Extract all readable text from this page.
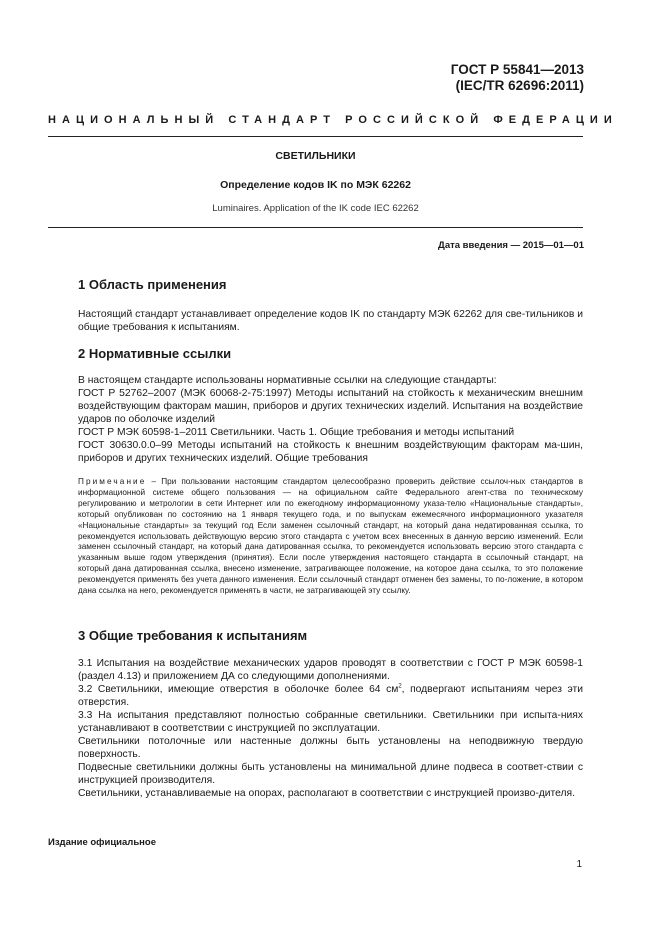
ГОСТ Р 55841—2013
(IEC/TR 62696:2011)
НАЦИОНАЛЬНЫЙ СТАНДАРТ РОССИЙСКОЙ ФЕДЕРАЦИИ
СВЕТИЛЬНИКИ
Определение кодов IK по МЭК 62262
Luminaires. Application of the IK code IEC 62262
Дата введения — 2015—01—01
1 Область применения
Настоящий стандарт устанавливает определение кодов IK по стандарту МЭК 62262 для све-тильников и общие требования к испытаниям.
2 Нормативные ссылки
В настоящем стандарте использованы нормативные ссылки на следующие стандарты:
ГОСТ Р 52762–2007 (МЭК 60068-2-75:1997) Методы испытаний на стойкость к механическим внешним воздействующим факторам машин, приборов и других технических изделий. Испытания на воздействие ударов по оболочке изделий
ГОСТ Р МЭК 60598-1–2011 Светильники. Часть 1. Общие требования и методы испытаний
ГОСТ 30630.0.0–99 Методы испытаний на стойкость к внешним воздействующим факторам ма-шин, приборов и других технических изделий. Общие требования
Примечание – При пользовании настоящим стандартом целесообразно проверить действие ссылоч-ных стандартов в информационной системе общего пользования — на официальном сайте Федерального агент-ства по техническому регулированию и метрологии в сети Интернет или по ежегодному информационному указа-телю «Национальные стандарты», который опубликован по состоянию на 1 января текущего года, и по выпускам ежемесячного информационного указателя «Национальные стандарты» за текущий год Если заменен ссылочный стандарт, на который дана недатированная ссылка, то рекомендуется использовать действующую версию этого стандарта с учетом всех внесенных в данную версию изменений. Если заменен ссылочный стандарт, на который дана датированная ссылка, то рекомендуется использовать версию этого стандарта с указанным выше годом утверждения (принятия). Если после утверждения настоящего стандарта в ссылочный стандарт, на который дана датированная ссылка, внесено изменение, затрагивающее положение, на которое дана ссылка, то это положение рекомендуется применять без учета данного изменения. Если ссылочный стандарт отменен без замены, то по-ложение, в котором дана ссылка на него, рекомендуется применять в части, не затрагивающей эту ссылку.
3 Общие требования к испытаниям
3.1 Испытания на воздействие механических ударов проводят в соответствии с ГОСТ Р МЭК 60598-1 (раздел 4.13) и приложением ДА со следующими дополнениями.
3.2 Светильники, имеющие отверстия в оболочке более 64 $см^2$, подвергают испытаниям через эти отверстия.
3.3 На испытания представляют полностью собранные светильники. Светильники при испыта-ниях устанавливают в соответствии с инструкцией по эксплуатации.
Светильники потолочные или настенные должны быть установлены на неподвижную твердую поверхность.
Подвесные светильники должны быть установлены на минимальной длине подвеса в соответ-ствии с инструкцией производителя.
Светильники, устанавливаемые на опорах, располагают в соответствии с инструкцией произво-дителя.
Издание официальное
1
